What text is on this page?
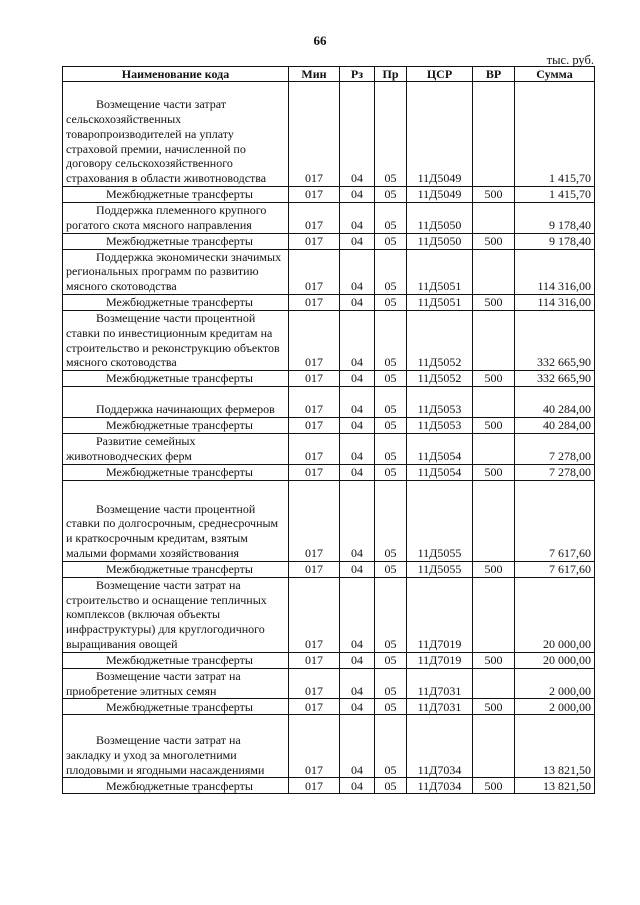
66
тыс. руб.
Наименование кода	Мин	Рз	Пр	ЦСР	ВР	Сумма

Возмещение части затрат сельскохозяйственных товаропроизводителей на уплату страховой премии, начисленной по договору сельскохозяйственного страхования в области животноводства	017	04	05	11Д5049		1 415,70

Межбюджетные трансферты	017	04	05	11Д5049	500	1 415,70

Поддержка племенного крупного рогатого скота мясного направления	017	04	05	11Д5050		9 178,40

Межбюджетные трансферты	017	04	05	11Д5050	500	9 178,40

Поддержка экономически значимых региональных программ по развитию мясного скотоводства	017	04	05	11Д5051		114 316,00

Межбюджетные трансферты	017	04	05	11Д5051	500	114 316,00

Возмещение части процентной ставки по инвестиционным кредитам на строительство и реконструкцию объектов мясного скотоводства	017	04	05	11Д5052		332 665,90

Межбюджетные трансферты	017	04	05	11Д5052	500	332 665,90

Поддержка начинающих фермеров	017	04	05	11Д5053		40 284,00

Межбюджетные трансферты	017	04	05	11Д5053	500	40 284,00

Развитие семейных животноводческих ферм	017	04	05	11Д5054		7 278,00

Межбюджетные трансферты	017	04	05	11Д5054	500	7 278,00

Возмещение части процентной ставки по долгосрочным, среднесрочным и краткосрочным кредитам, взятым малыми формами хозяйствования	017	04	05	11Д5055		7 617,60

Межбюджетные трансферты	017	04	05	11Д5055	500	7 617,60

Возмещение части затрат на строительство и оснащение тепличных комплексов (включая объекты инфраструктуры) для круглогодичного выращивания овощей	017	04	05	11Д7019		20 000,00

Межбюджетные трансферты	017	04	05	11Д7019	500	20 000,00

Возмещение части затрат на приобретение элитных семян	017	04	05	11Д7031		2 000,00

Межбюджетные трансферты	017	04	05	11Д7031	500	2 000,00

Возмещение части затрат на закладку и уход за многолетними плодовыми и ягодными насаждениями	017	04	05	11Д7034		13 821,50

Межбюджетные трансферты	017	04	05	11Д7034	500	13 821,50
